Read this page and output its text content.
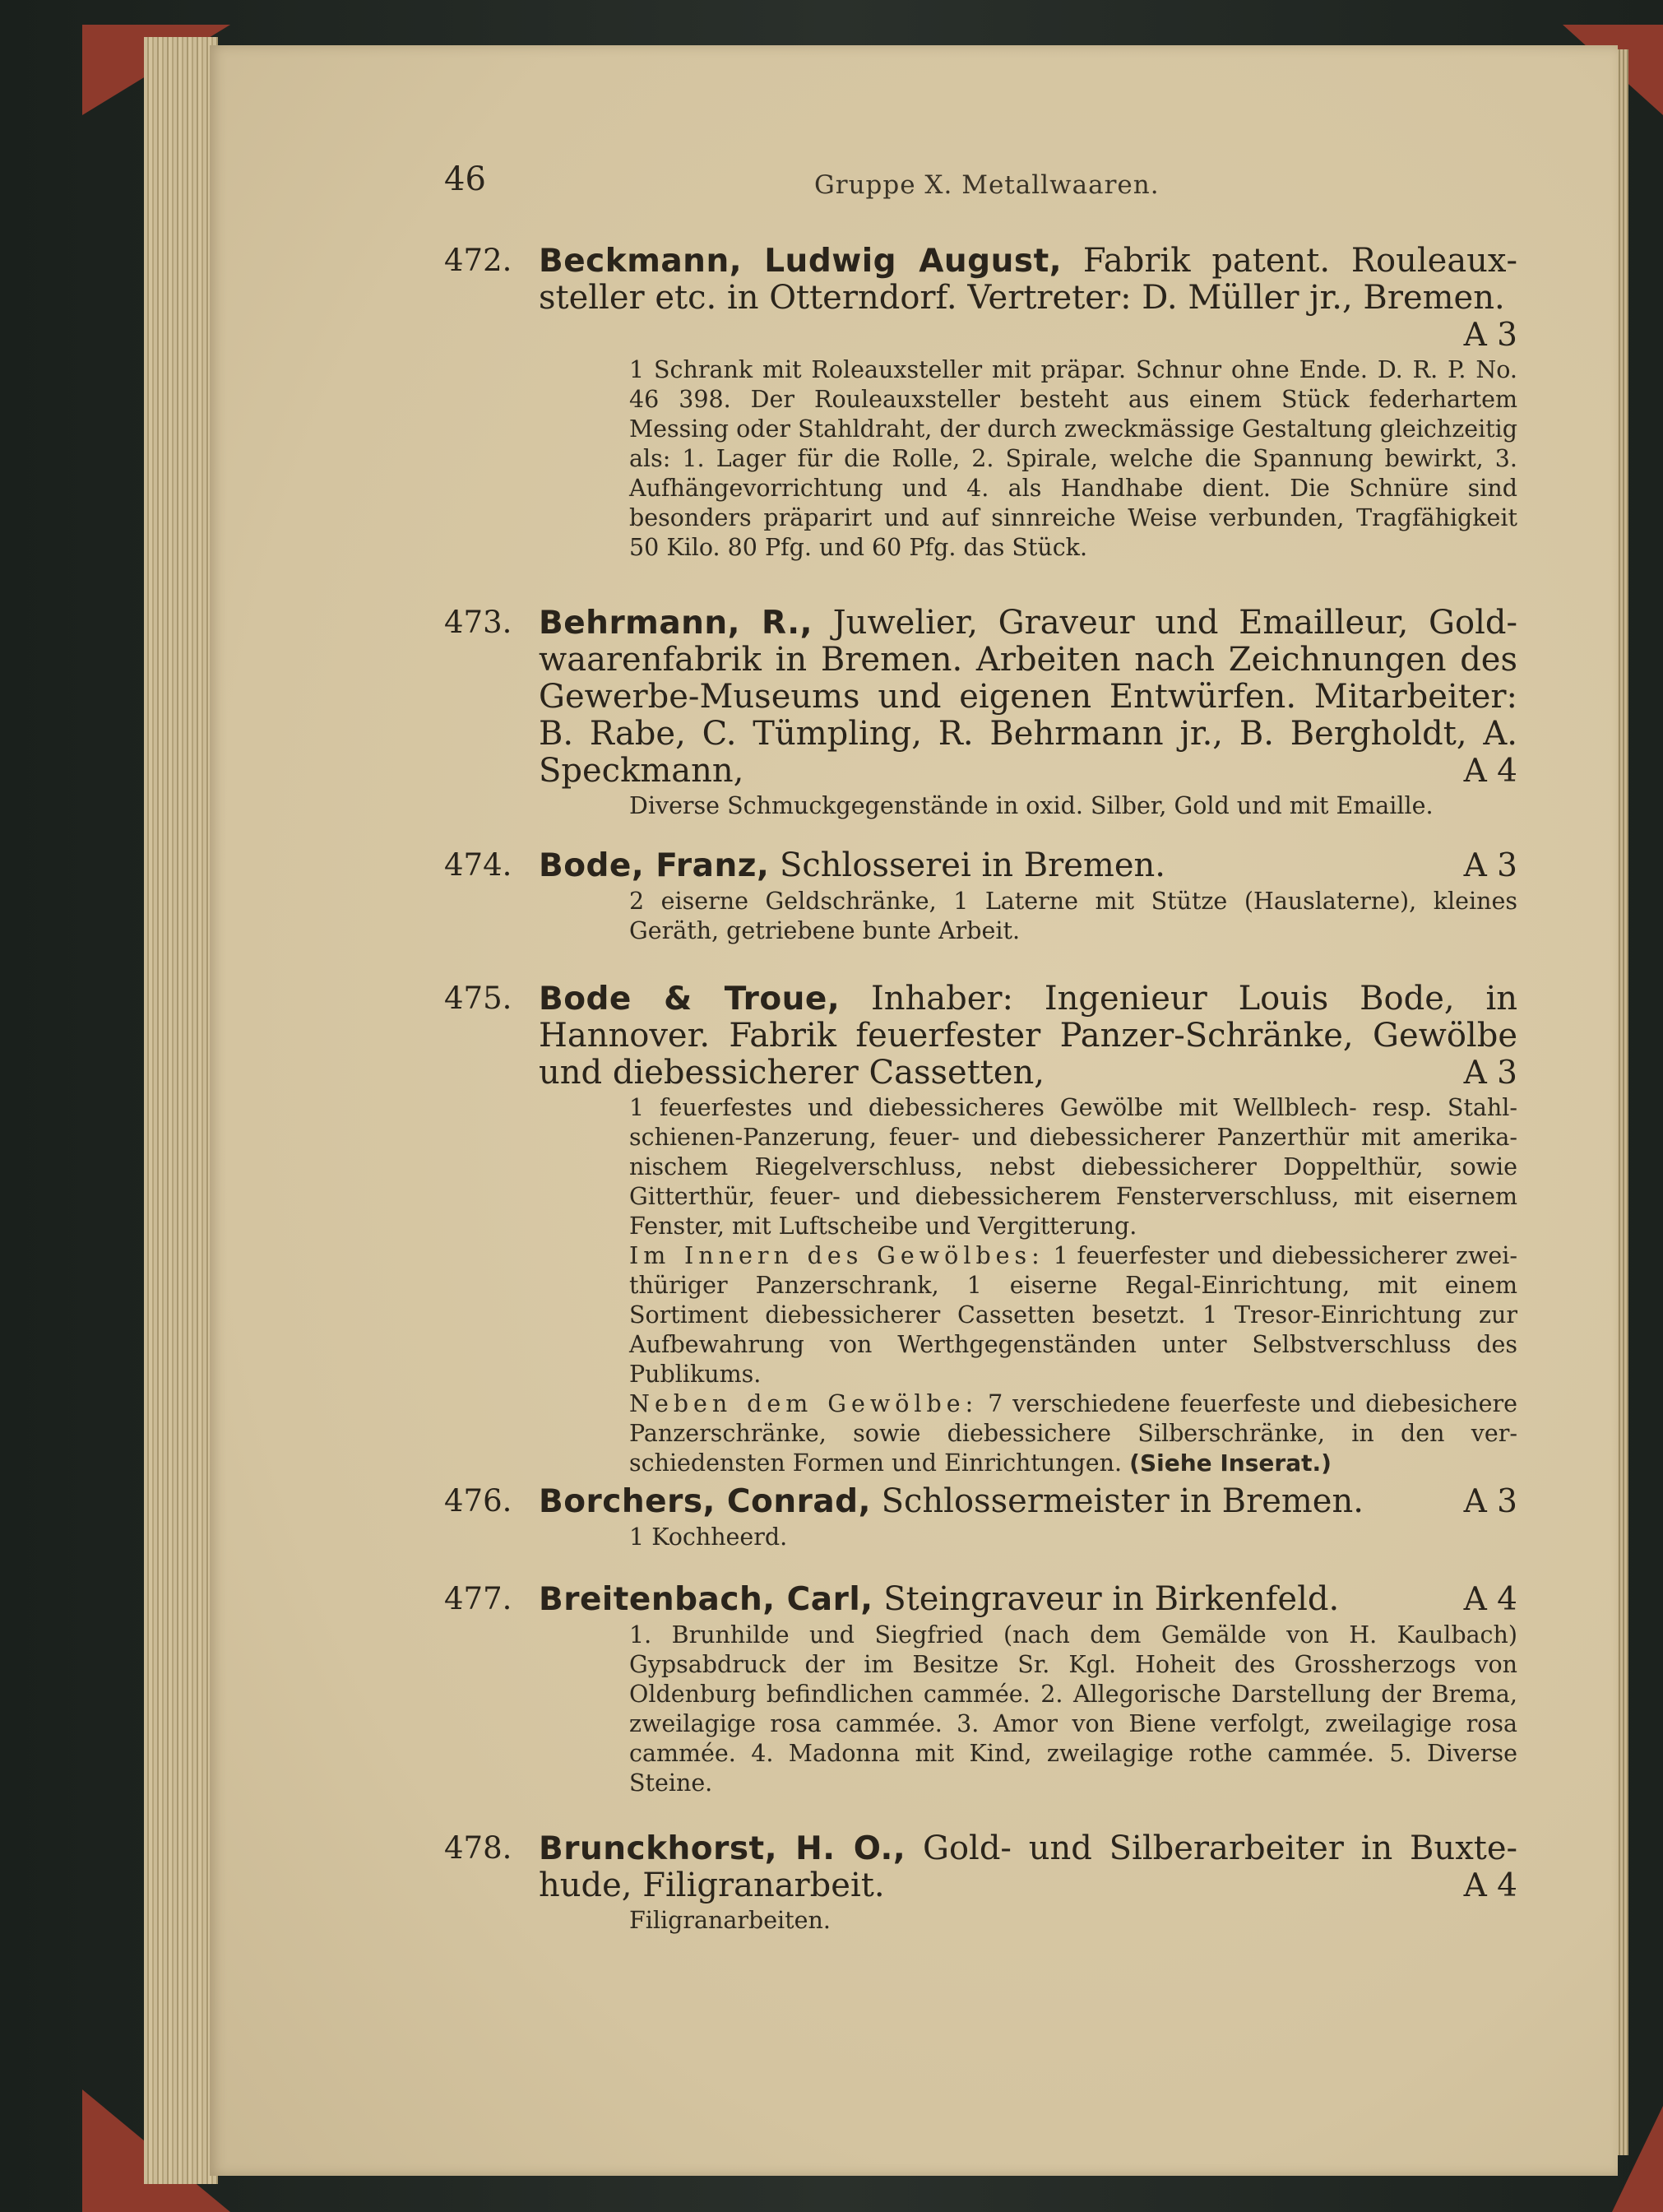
46	Gruppe X. Metallwaaren.
472. Beckmann, Ludwig August, Fabrik patent. Rouleauxsteller etc. in Otterndorf. Vertreter: D. Müller jr., Bremen.

A 3
1 Schrank mit Roleauxsteller mit präpar. Schnur ohne Ende. D. R. P. No. 46 398. Der Rouleauxsteller besteht aus einem Stück federhartem Messing oder Stahldraht, der durch zweckmässige Gestaltung gleichzeitig als: 1. Lager für die Rolle, 2. Spirale, welche die Spannung bewirkt, 3. Aufhängevorrichtung und 4. als Handhabe dient. Die Schnüre sind besonders präparirt und auf sinnreiche Weise verbunden, Tragfähigkeit 50 Kilo. 80 Pfg. und 60 Pfg. das Stück.
473. Behrmann, R., Juwelier, Graveur und Emailleur, Goldwaarenfabrik in Bremen. Arbeiten nach Zeichnungen des Gewerbe-Museums und eigenen Entwürfen. Mitarbeiter: B. Rabe, C. Tümpling, R. Behrmann jr., B. Bergholdt, A. Speckmann,	A 4
Diverse Schmuckgegenstände in oxid. Silber, Gold und mit Emaille.
474. Bode, Franz, Schlosserei in Bremen.	A 3
2 eiserne Geldschränke, 1 Laterne mit Stütze (Hauslaterne), kleines Geräth, getriebene bunte Arbeit.
475. Bode & Troue, Inhaber: Ingenieur Louis Bode, in Hannover. Fabrik feuerfester Panzer-Schränke, Gewölbe und diebessicherer Cassetten,	A 3
1 feuerfestes und diebessicheres Gewölbe mit Wellblech- resp. Stahlschienen-Panzerung, feuer- und diebessicherer Panzerthür mit amerikanischem Riegelverschluss, nebst diebessicherer Doppelthür, sowie Gitterthür, feuer- und diebessicherem Fensterverschluss, mit eisernem Fenster, mit Luftscheibe und Vergitterung.
Im Innern des Gewölbes: 1 feuerfester und diebessicherer zweithüriger Panzerschrank, 1 eiserne Regal-Einrichtung, mit einem Sortiment diebessicherer Cassetten besetzt. 1 Tresor-Einrichtung zur Aufbewahrung von Werthgegenständen unter Selbstverschluss des Publikums.
Neben dem Gewölbe: 7 verschiedene feuerfeste und diebesichere Panzerschränke, sowie diebessichere Silberschränke, in den verschiedensten Formen und Einrichtungen. (Siehe Inserat.)
476. Borchers, Conrad, Schlossermeister in Bremen.	A 3
1 Kochheerd.
477. Breitenbach, Carl, Steingraveur in Birkenfeld.	A 4
1. Brunhilde und Siegfried (nach dem Gemälde von H. Kaulbach) Gypsabdruck der im Besitze Sr. Kgl. Hoheit des Grossherzogs von Oldenburg befindlichen cammée. 2. Allegorische Darstellung der Brema, zweilagige rosa cammée. 3. Amor von Biene verfolgt, zweilagige rosa cammée. 4. Madonna mit Kind, zweilagige rothe cammée. 5. Diverse Steine.
478. Brunckhorst, H. O., Gold- und Silberarbeiter in Buxtehude, Filigranarbeit.	A 4
Filigranarbeiten.
